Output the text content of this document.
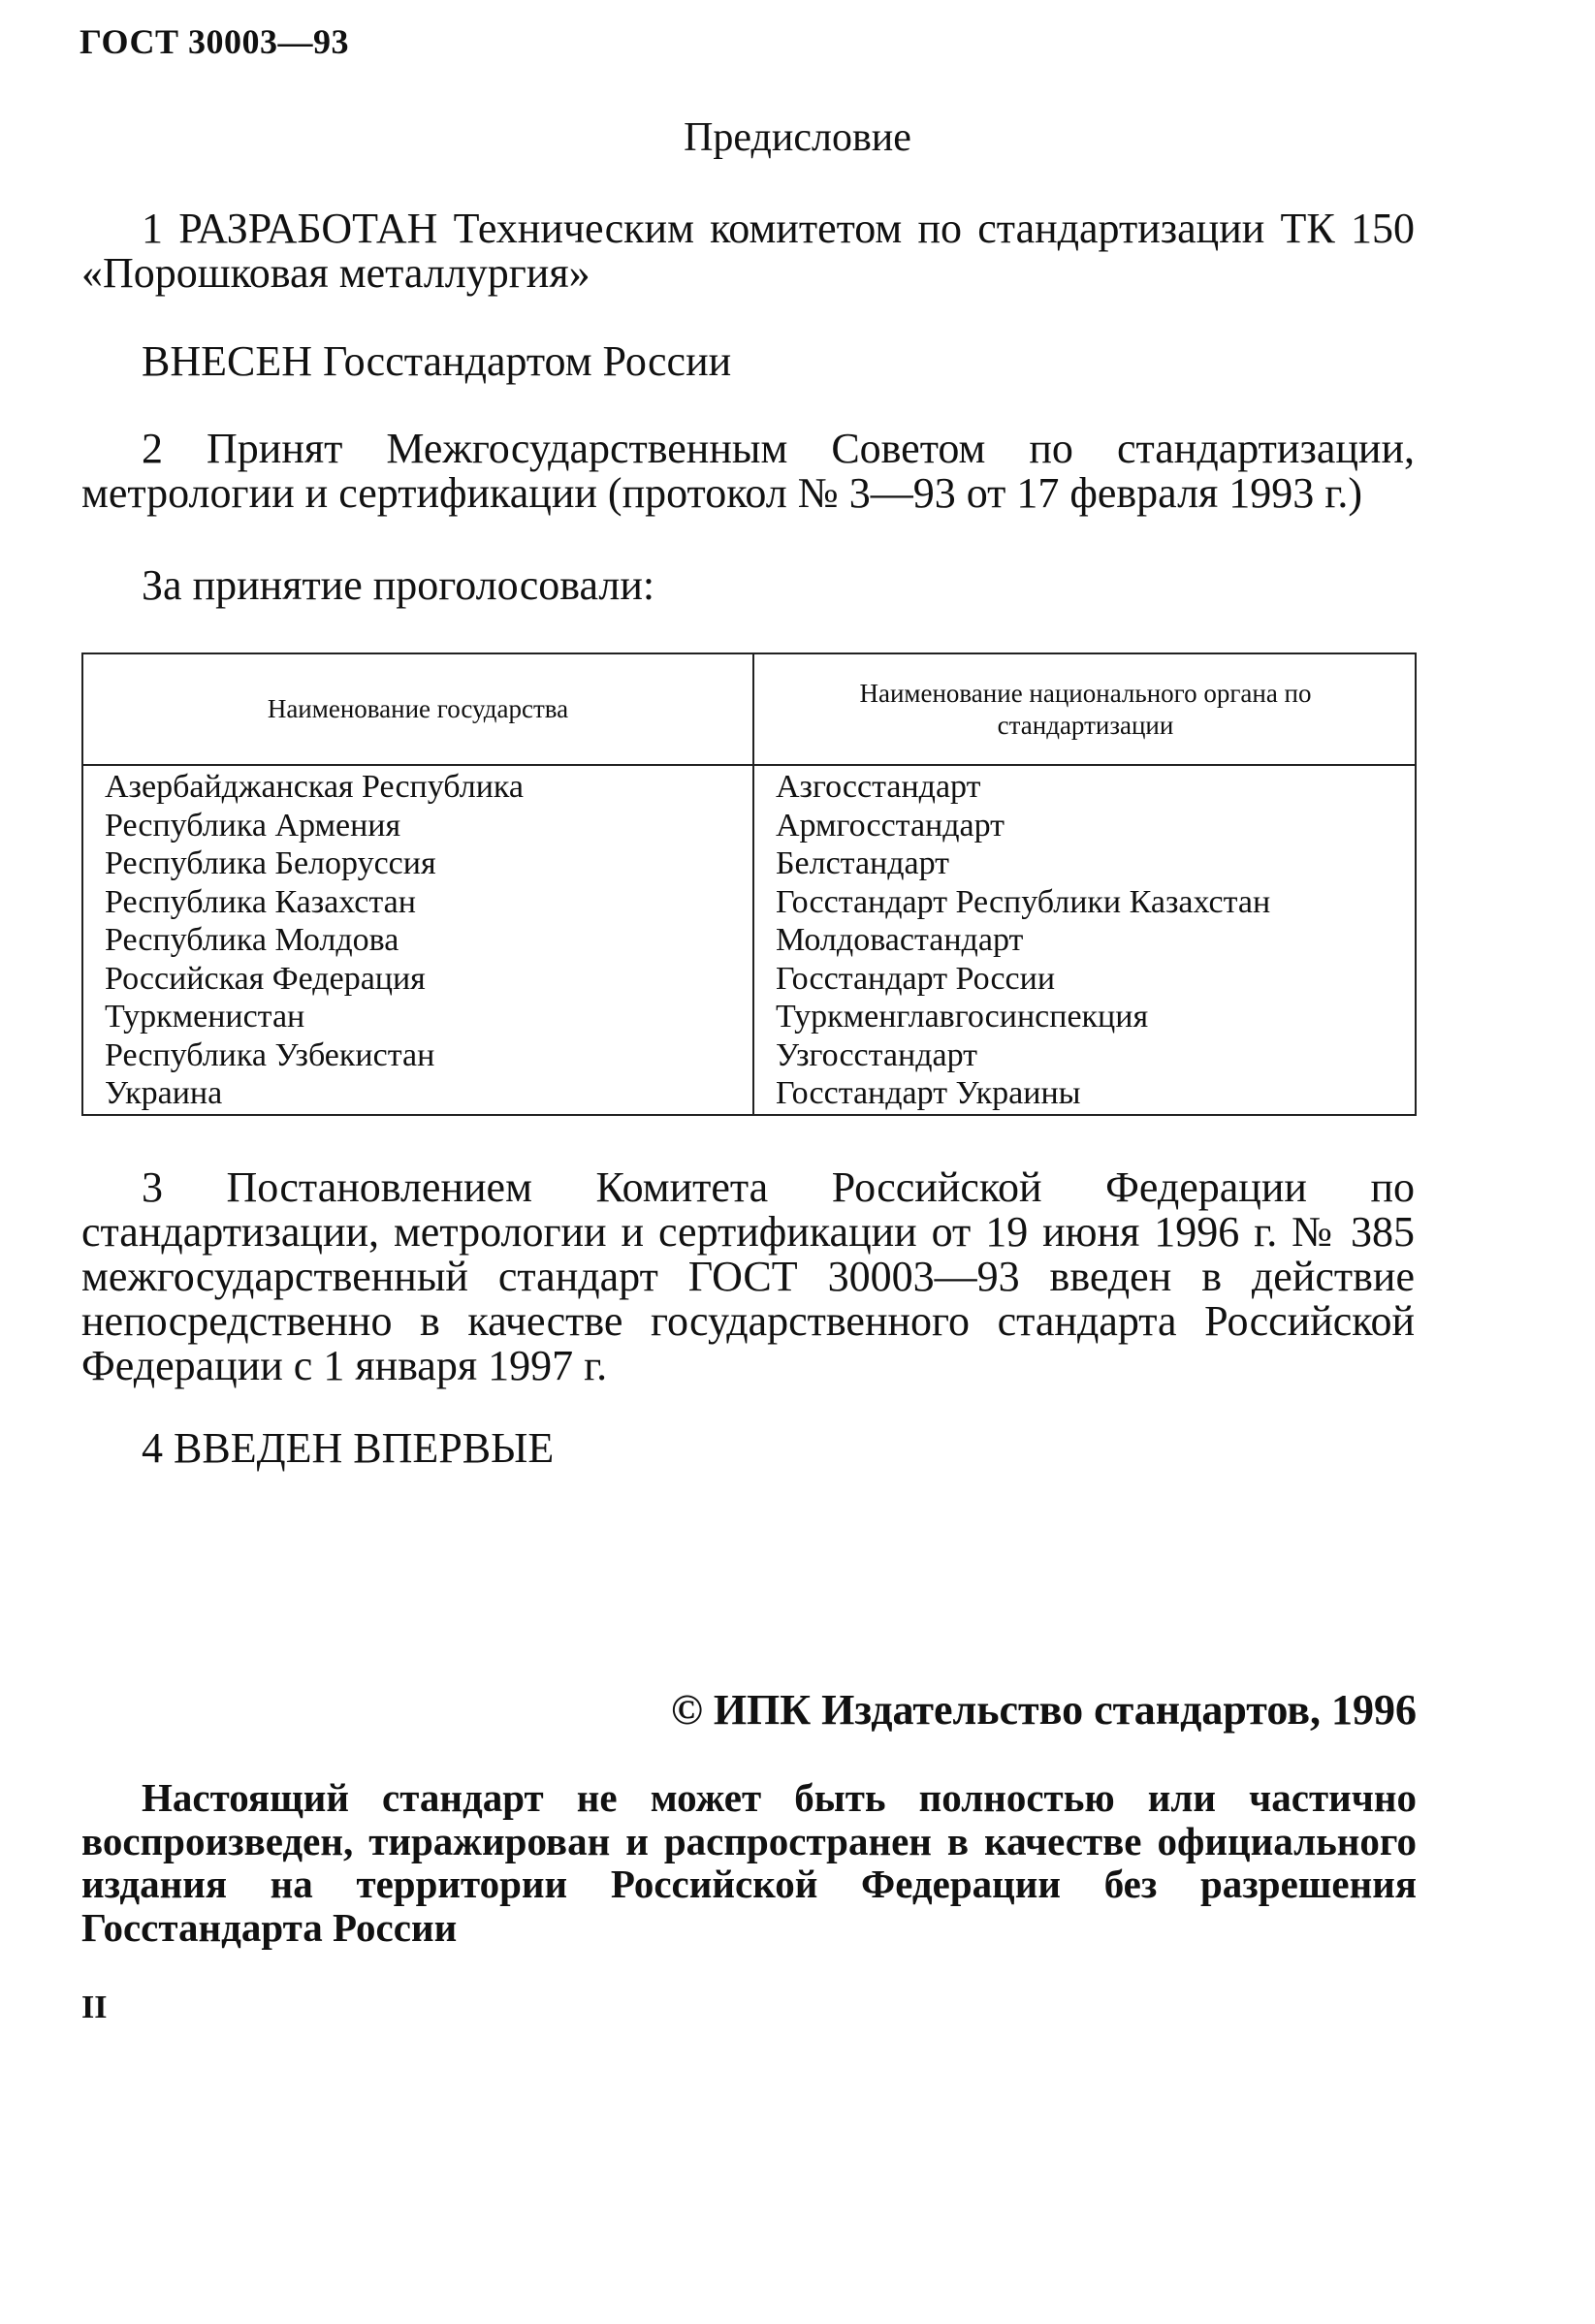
ГОСТ 30003—93
Предисловие
1 РАЗРАБОТАН Техническим комитетом по стандартизации ТК 150 «Порошковая металлургия»
ВНЕСЕН Госстандартом России
2 Принят Межгосударственным Советом по стандартизации, метрологии и сертификации (протокол № 3—93 от 17 февраля 1993 г.)
За принятие проголосовали:
Наименование государства
Наименование национального органа по стандартизации
Азербайджанская Республика
Республика Армения
Республика Белоруссия
Республика Казахстан
Республика Молдова
Российская Федерация
Туркменистан
Республика Узбекистан
Украина
Азгосстандарт
Армгосстандарт
Белстандарт
Госстандарт Республики Казахстан
Молдовастандарт
Госстандарт России
Туркменглавгосинспекция
Узгосстандарт
Госстандарт Украины
3 Постановлением Комитета Российской Федерации по стандартизации, метрологии и сертификации от 19 июня 1996 г. № 385 межгосударственный стандарт ГОСТ 30003—93 введен в действие непосредственно в качестве государственного стандарта Российской Федерации с 1 января 1997 г.
4 ВВЕДЕН ВПЕРВЫЕ
© ИПК Издательство стандартов, 1996
Настоящий стандарт не может быть полностью или частично воспроизведен, тиражирован и распространен в качестве официального издания на территории Российской Федерации без разрешения Госстандарта России
II
